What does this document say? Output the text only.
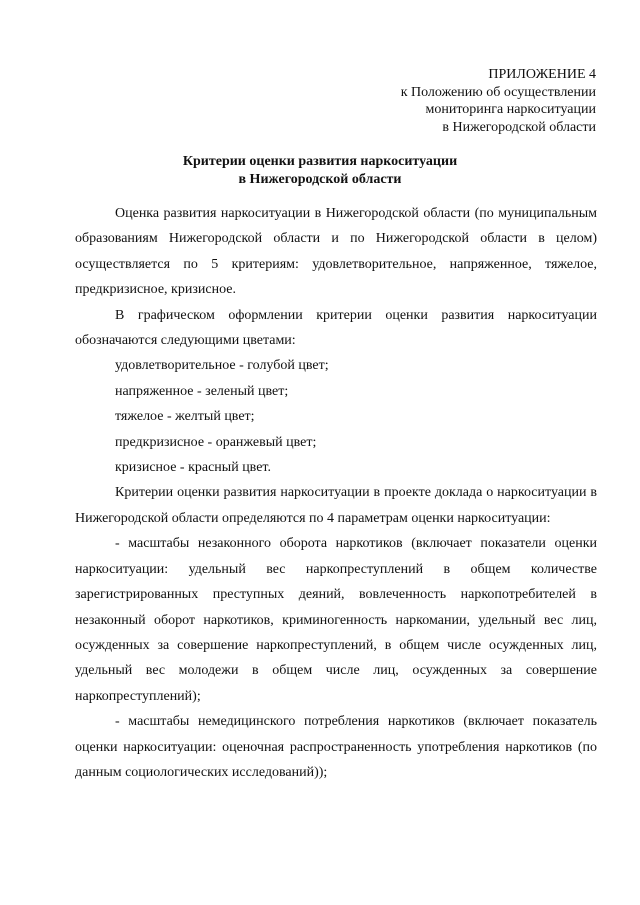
ПРИЛОЖЕНИЕ 4
к Положению об осуществлении
мониторинга наркоситуации
в Нижегородской области
Критерии оценки развития наркоситуации
в Нижегородской области

Оценка развития наркоситуации в Нижегородской области (по муниципальным образованиям Нижегородской области и по Нижегородской области в целом) осуществляется по 5 критериям: удовлетворительное, напряженное, тяжелое, предкризисное, кризисное.

В графическом оформлении критерии оценки развития наркоситуации обозначаются следующими цветами:

удовлетворительное - голубой цвет;
напряженное - зеленый цвет;
тяжелое - желтый цвет;
предкризисное - оранжевый цвет;
кризисное - красный цвет.

Критерии оценки развития наркоситуации в проекте доклада о наркоситуации в Нижегородской области определяются по 4 параметрам оценки наркоситуации:

- масштабы незаконного оборота наркотиков (включает показатели оценки наркоситуации: удельный вес наркопреступлений в общем количестве зарегистрированных преступных деяний, вовлеченность наркопотребителей в незаконный оборот наркотиков, криминогенность наркомании, удельный вес лиц, осужденных за совершение наркопреступлений, в общем числе осужденных лиц, удельный вес молодежи в общем числе лиц, осужденных за совершение наркопреступлений);

- масштабы немедицинского потребления наркотиков (включает показатель оценки наркоситуации: оценочная распространенность употребления наркотиков (по данным социологических исследований));
